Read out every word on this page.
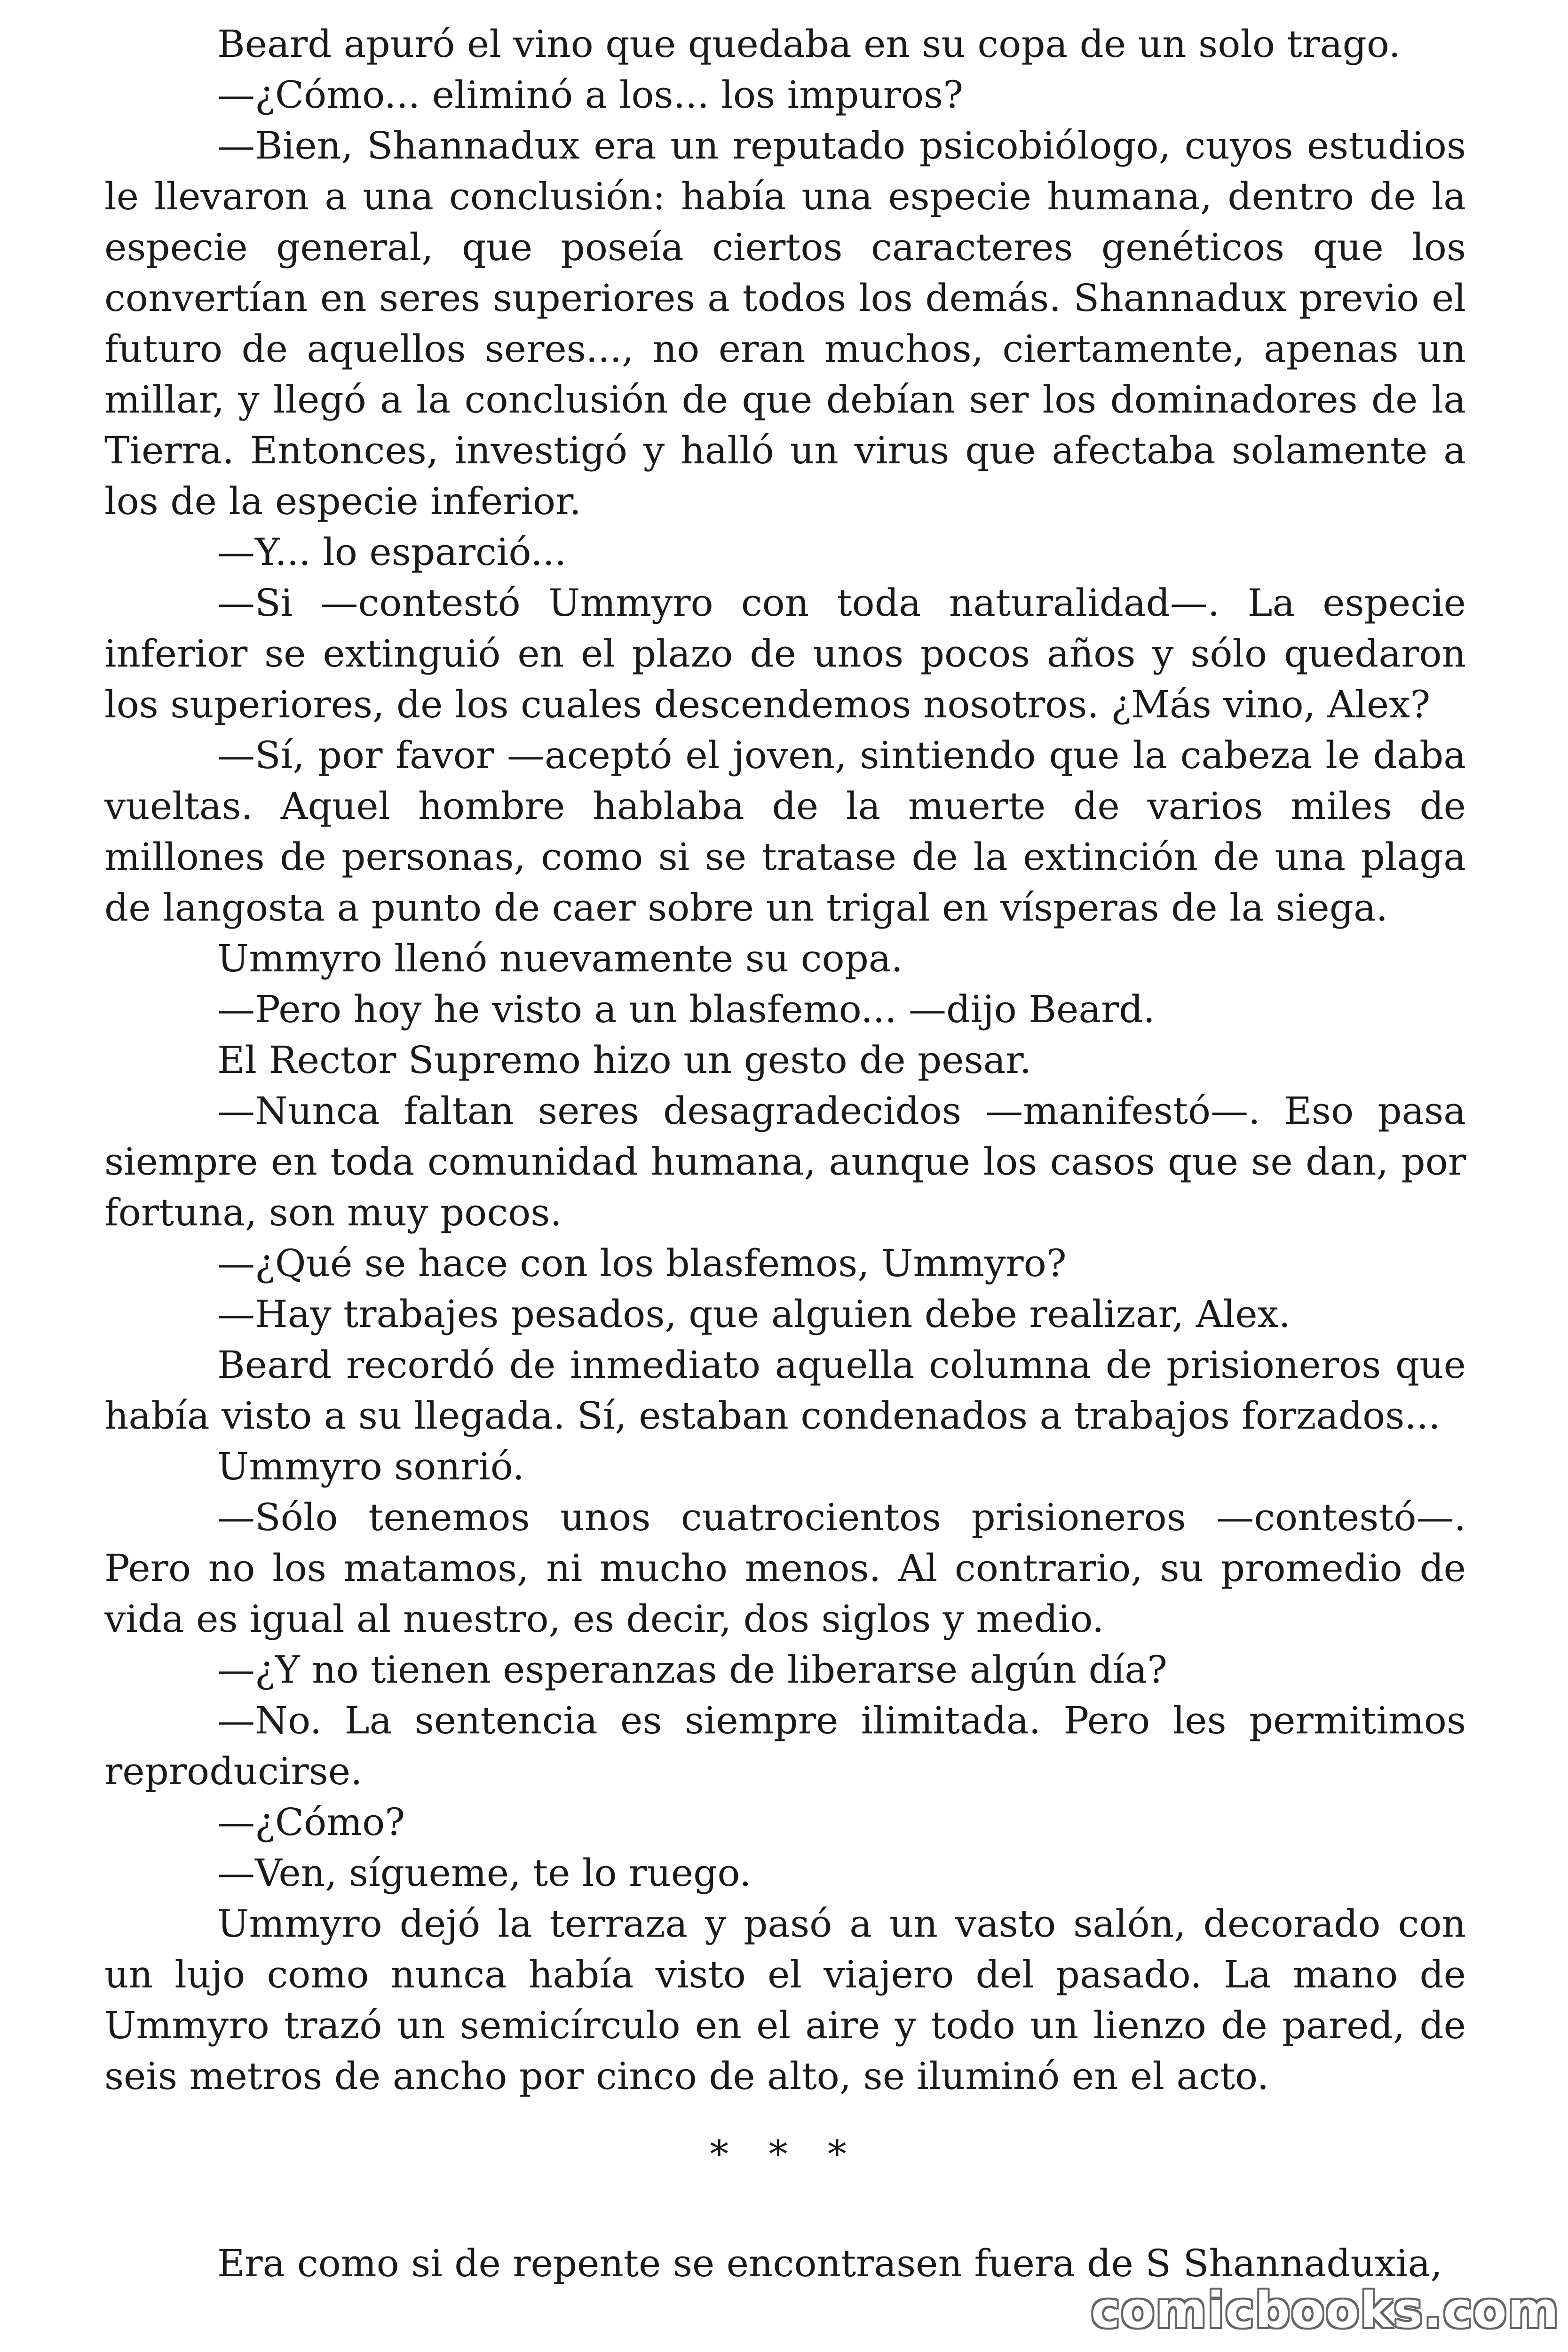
Beard apuró el vino que quedaba en su copa de un solo trago.

—¿Cómo... eliminó a los... los impuros?

—Bien, Shannadux era un reputado psicobiólogo, cuyos estudios le llevaron a una conclusión: había una especie humana, dentro de la especie general, que poseía ciertos caracteres genéticos que los convertían en seres superiores a todos los demás. Shannadux previo el futuro de aquellos seres..., no eran muchos, ciertamente, apenas un millar, y llegó a la conclusión de que debían ser los dominadores de la Tierra. Entonces, investigó y halló un virus que afectaba solamente a los de la especie inferior.

—Y... lo esparció...

—Si —contestó Ummyro con toda naturalidad—. La especie inferior se extinguió en el plazo de unos pocos años y sólo quedaron los superiores, de los cuales descendemos nosotros. ¿Más vino, Alex?

—Sí, por favor —aceptó el joven, sintiendo que la cabeza le daba vueltas. Aquel hombre hablaba de la muerte de varios miles de millones de personas, como si se tratase de la extinción de una plaga de langosta a punto de caer sobre un trigal en vísperas de la siega.

Ummyro llenó nuevamente su copa.

—Pero hoy he visto a un blasfemo... —dijo Beard.

El Rector Supremo hizo un gesto de pesar.

—Nunca faltan seres desagradecidos —manifestó—. Eso pasa siempre en toda comunidad humana, aunque los casos que se dan, por fortuna, son muy pocos.

—¿Qué se hace con los blasfemos, Ummyro?

—Hay trabajes pesados, que alguien debe realizar, Alex.

Beard recordó de inmediato aquella columna de prisioneros que había visto a su llegada. Sí, estaban condenados a trabajos forzados...

Ummyro sonrió.

—Sólo tenemos unos cuatrocientos prisioneros —contestó—. Pero no los matamos, ni mucho menos. Al contrario, su promedio de vida es igual al nuestro, es decir, dos siglos y medio.

—¿Y no tienen esperanzas de liberarse algún día?

—No. La sentencia es siempre ilimitada. Pero les permitimos reproducirse.

—¿Cómo?

—Ven, sígueme, te lo ruego.

Ummyro dejó la terraza y pasó a un vasto salón, decorado con un lujo como nunca había visto el viajero del pasado. La mano de Ummyro trazó un semicírculo en el aire y todo un lienzo de pared, de seis metros de ancho por cinco de alto, se iluminó en el acto.

* * *

Era como si de repente se encontrasen fuera de S Shannaduxia,

comicbooks.com
